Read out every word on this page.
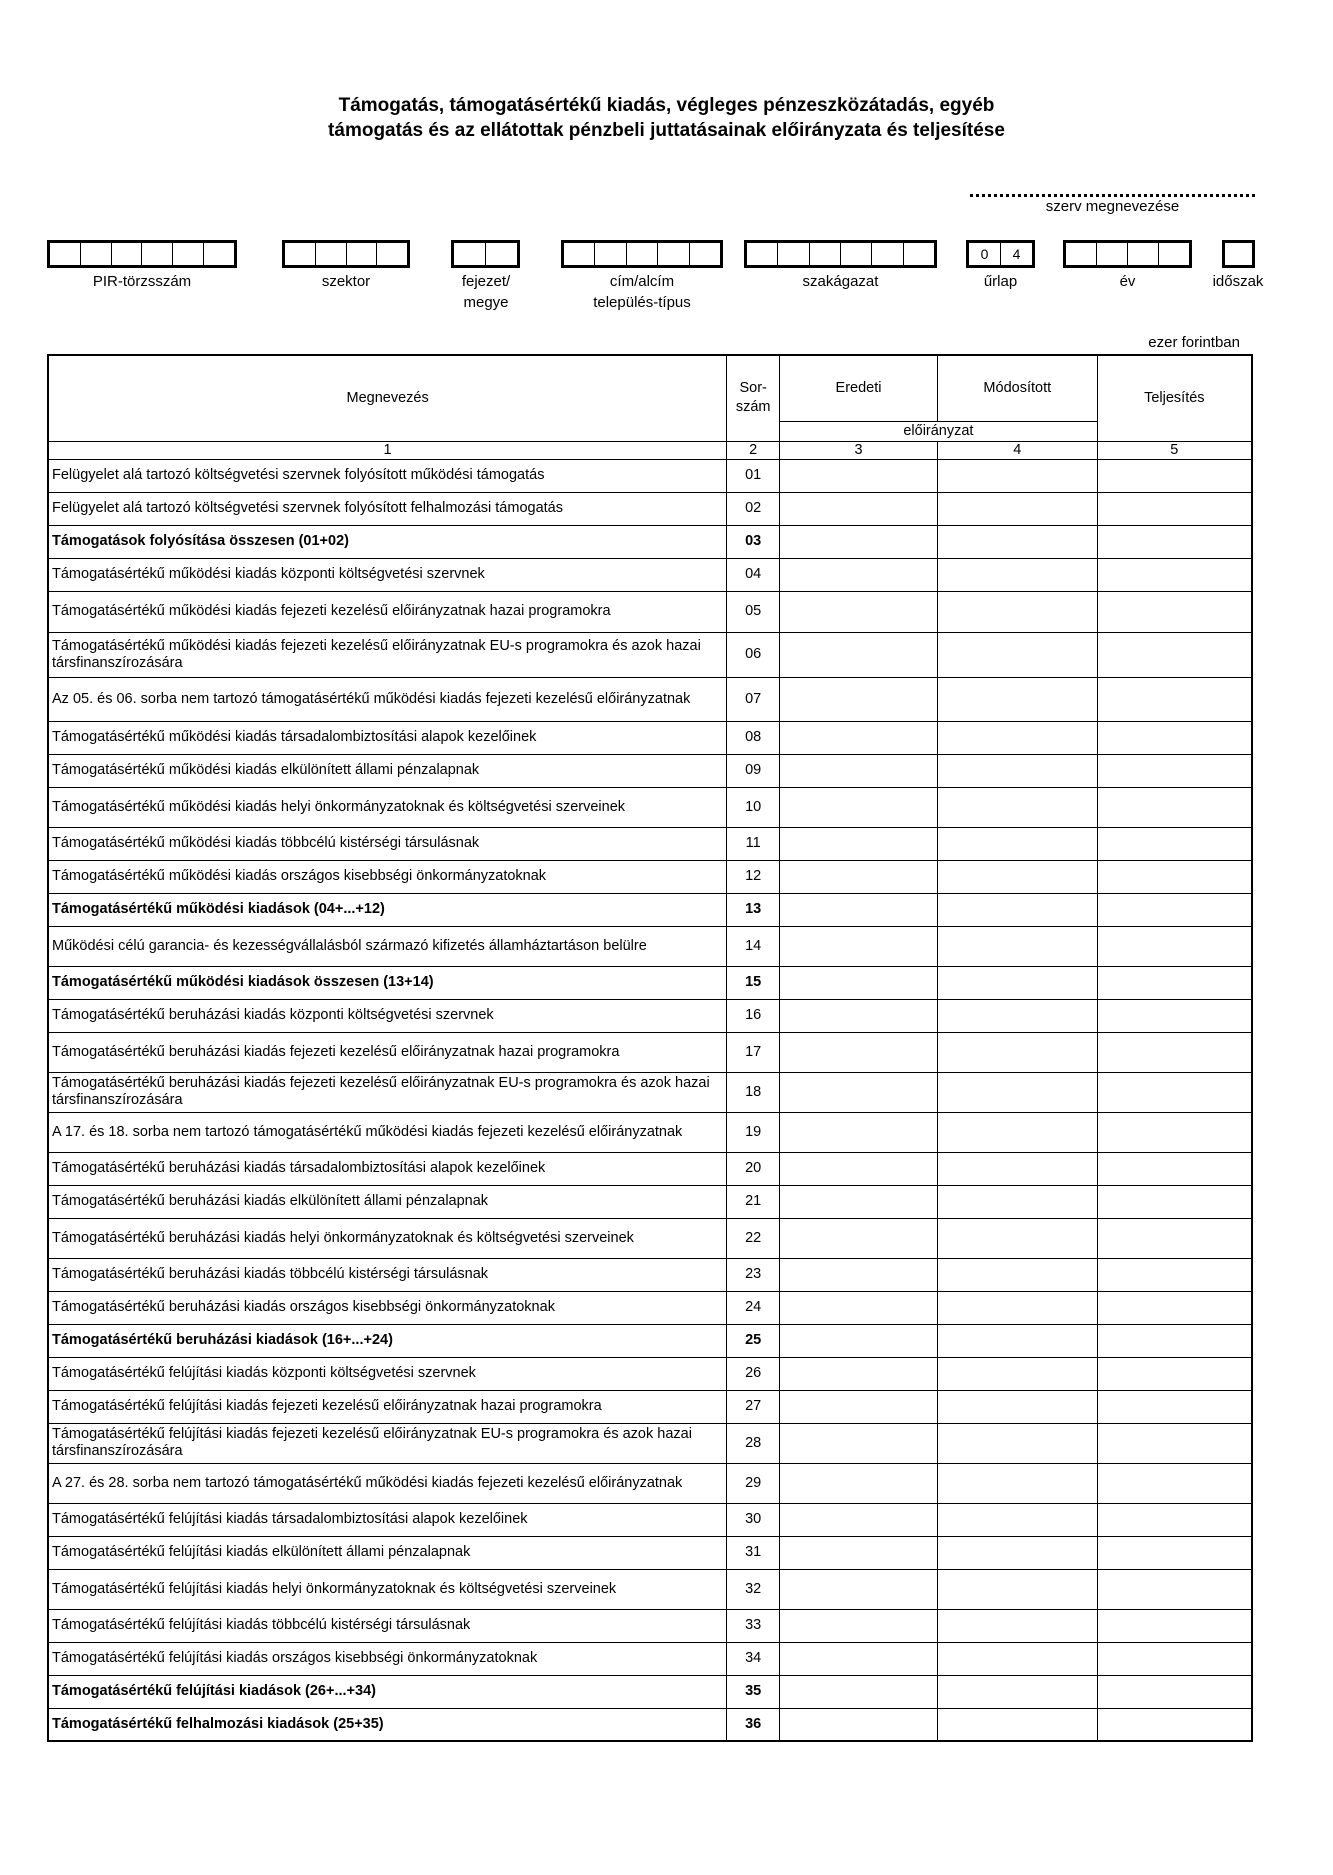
Támogatás, támogatásértékű kiadás, végleges pénzeszközátadás, egyéb
támogatás és az ellátottak pénzbeli juttatásainak előirányzata és teljesítése
szerv megnevezése
PIR-törzsszám	szektor	fejezet/
megye
cím/alcím
település-típus
szakágazat
0	4
űrlap	év	időszak
ezer forintban
Megnevezés	Sor-
szám	Eredeti	Módosított	Teljesítés
		előirányzat		
1	2	3	4	5
Felügyelet alá tartozó költségvetési szervnek folyósított működési támogatás	01			
Felügyelet alá tartozó költségvetési szervnek folyósított felhalmozási támogatás	02			
Támogatások folyósítása összesen (01+02)	03			
Támogatásértékű működési kiadás központi költségvetési szervnek	04			
Támogatásértékű működési kiadás fejezeti kezelésű előirányzatnak hazai programokra	05			
Támogatásértékű működési kiadás fejezeti kezelésű előirányzatnak EU-s programokra és azok hazai társfinanszírozására	06			
Az 05. és 06. sorba nem tartozó támogatásértékű működési kiadás fejezeti kezelésű előirányzatnak	07			
Támogatásértékű működési kiadás társadalombiztosítási alapok kezelőinek	08			
Támogatásértékű működési kiadás elkülönített állami pénzalapnak	09			
Támogatásértékű működési kiadás helyi önkormányzatoknak és költségvetési szerveinek	10			
Támogatásértékű működési kiadás többcélú kistérségi társulásnak	11			
Támogatásértékű működési kiadás országos kisebbségi önkormányzatoknak	12			
Támogatásértékű működési kiadások (04+...+12)	13			
Működési célú garancia- és kezességvállalásból származó kifizetés államháztartáson belülre	14			
Támogatásértékű működési kiadások összesen (13+14)	15			
Támogatásértékű beruházási kiadás központi költségvetési szervnek	16			
Támogatásértékű beruházási kiadás fejezeti kezelésű előirányzatnak hazai programokra	17			
Támogatásértékű beruházási kiadás fejezeti kezelésű előirányzatnak EU-s programokra és azok hazai társfinanszírozására	18			
A 17. és 18. sorba nem tartozó támogatásértékű működési kiadás fejezeti kezelésű előirányzatnak	19			
Támogatásértékű beruházási kiadás társadalombiztosítási alapok kezelőinek	20			
Támogatásértékű beruházási kiadás elkülönített állami pénzalapnak	21			
Támogatásértékű beruházási kiadás helyi önkormányzatoknak és költségvetési szerveinek	22			
Támogatásértékű beruházási kiadás többcélú kistérségi társulásnak	23			
Támogatásértékű beruházási kiadás országos kisebbségi önkormányzatoknak	24			
Támogatásértékű beruházási kiadások (16+...+24)	25			
Támogatásértékű felújítási kiadás központi költségvetési szervnek	26			
Támogatásértékű felújítási kiadás fejezeti kezelésű előirányzatnak hazai programokra	27			
Támogatásértékű felújítási kiadás fejezeti kezelésű előirányzatnak EU-s programokra és azok hazai társfinanszírozására	28			
A 27. és 28. sorba nem tartozó támogatásértékű működési kiadás fejezeti kezelésű előirányzatnak	29			
Támogatásértékű felújítási kiadás társadalombiztosítási alapok kezelőinek	30			
Támogatásértékű felújítási kiadás elkülönített állami pénzalapnak	31			
Támogatásértékű felújítási kiadás helyi önkormányzatoknak és költségvetési szerveinek	32			
Támogatásértékű felújítási kiadás többcélú kistérségi társulásnak	33			
Támogatásértékű felújítási kiadás országos kisebbségi önkormányzatoknak	34			
Támogatásértékű felújítási kiadások (26+...+34)	35			
Támogatásértékű felhalmozási kiadások (25+35)	36			
